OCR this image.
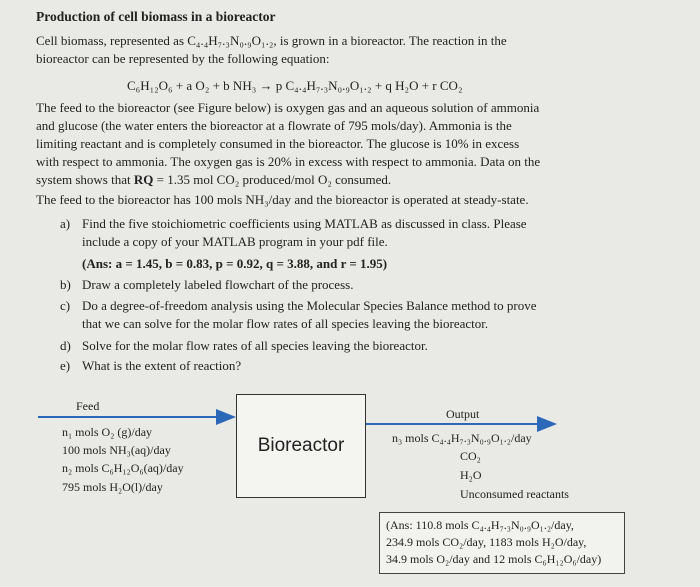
Production of cell biomass in a bioreactor
Cell biomass, represented as C₄.₄H₇.₃N₀.₉O₁.₂, is grown in a bioreactor. The reaction in the
bioreactor can be represented by the following equation:
C₆H₁₂O₆ + a O₂ + b NH₃ → p C₄.₄H₇.₃N₀.₉O₁.₂ + q H₂O + r CO₂
The feed to the bioreactor (see Figure below) is oxygen gas and an aqueous solution of ammonia
and glucose (the water enters the bioreactor at a flowrate of 795 mols/day). Ammonia is the
limiting reactant and is completely consumed in the bioreactor. The glucose is 10% in excess
with respect to ammonia. The oxygen gas is 20% in excess with respect to ammonia. Data on the
system shows that RQ = 1.35 mol CO₂ produced/mol O₂ consumed.
The feed to the bioreactor has 100 mols NH₃/day and the bioreactor is operated at steady-state.
a) Find the five stoichiometric coefficients using MATLAB as discussed in class. Please
include a copy of your MATLAB program in your pdf file.
(Ans: a = 1.45, b = 0.83, p = 0.92, q = 3.88, and r = 1.95)
b) Draw a completely labeled flowchart of the process.
c) Do a degree-of-freedom analysis using the Molecular Species Balance method to prove
that we can solve for the molar flow rates of all species leaving the bioreactor.
d) Solve for the molar flow rates of all species leaving the bioreactor.
e) What is the extent of reaction?
Feed
n₁ mols O₂ (g)/day
100 mols NH₃(aq)/day
n₂ mols C₆H₁₂O₆(aq)/day
795 mols H₂O(l)/day
Bioreactor
Output
n₃ mols C₄.₄H₇.₃N₀.₉O₁.₂/day
CO₂
H₂O
Unconsumed reactants
(Ans: 110.8 mols C₄.₄H₇.₃N₀.₉O₁.₂/day,
234.9 mols CO₂/day, 1183 mols H₂O/day,
34.9 mols O₂/day and 12 mols C₆H₁₂O₆/day)
